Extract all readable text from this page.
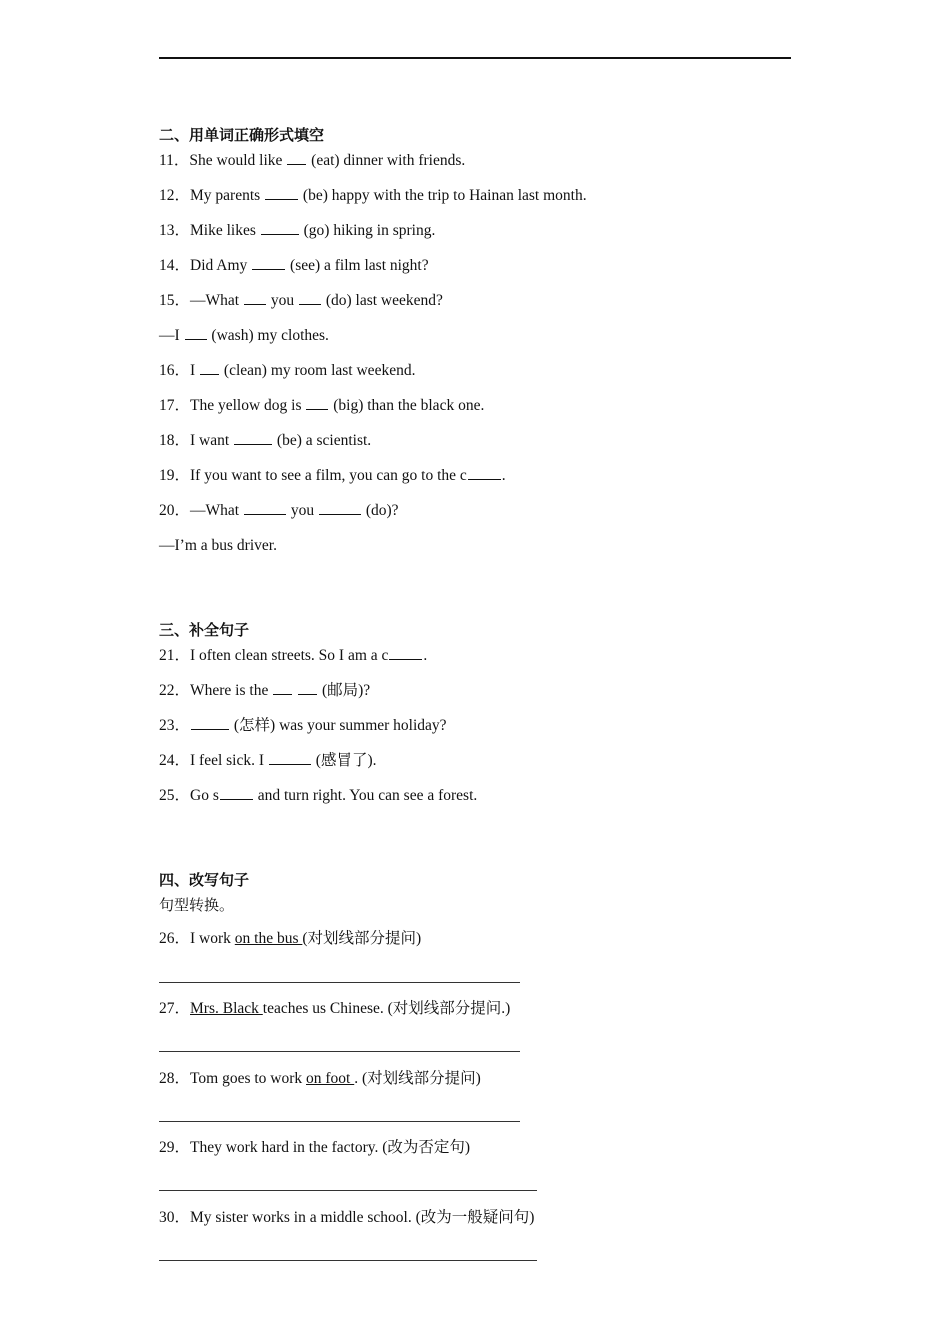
二、用单词正确形式填空
11．She would like  (eat) dinner with friends.
12．My parents  (be) happy with the trip to Hainan last month.
13．Mike likes	(go) hiking in spring.
14．Did Amy  (see) a film last night?
15．—What  you  (do) last weekend?
—I  (wash) my clothes.
16．I  (clean) my room last weekend.
17．The yellow dog is  (big) than the black one.
18．I want	(be) a scientist.
19．If you want to see a film, you can go to the c .
20．—What	you	(do)?
—I’m a bus driver.
三、补全句子
21．I often clean streets. So I am a c .
22．Where is the	(邮局)?
23．	(怎样) was your summer holiday?
24．I feel sick. I	(感冒了).
25．Go s and turn right. You can see a forest.
四、改写句子
句型转换。
26．I work on the bus (对划线部分提问)
27．Mrs. Black teaches us Chinese. (对划线部分提问.)
28．Tom goes to work on foot . (对划线部分提问)
29．They work hard in the factory. (改为否定句)
30．My sister works in a middle school. (改为一般疑问句)
